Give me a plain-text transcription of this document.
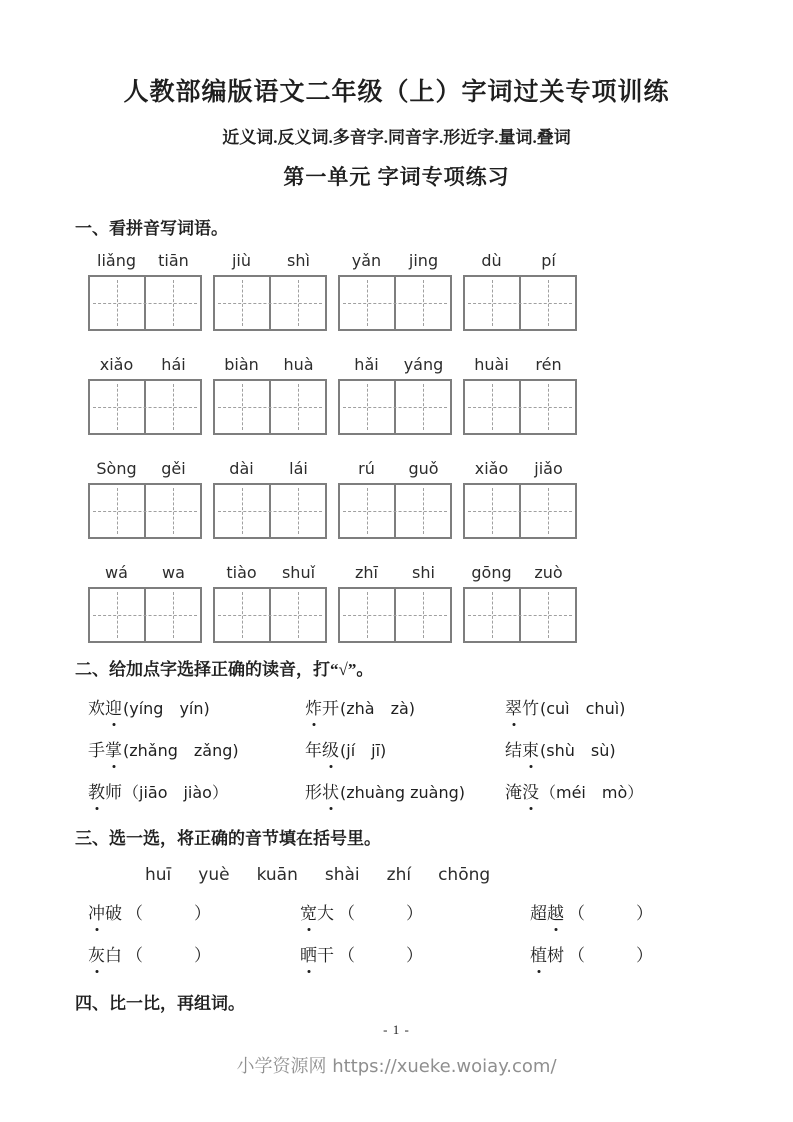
人教部编版语文二年级（上）字词过关专项训练
近义词.反义词.多音字.同音字.形近字.量词.叠词
第一单元 字词专项练习
一、看拼音写词语。
liǎng	tiān	jiù	shì	yǎn	jing	dù	pí
xiǎo	hái	biàn	huà	hǎi	yáng	huài	rén
Sòng	gěi	dài	lái	rú	guǒ	xiǎo	jiǎo
wá	wa	tiào	shuǐ	zhī	shi	gōng	zuò
二、给加点字选择正确的读音，打“√”。
欢迎(yíng　yín)	炸开(zhà　zà)	翠竹(cuì　chuì)
手掌(zhǎng　zǎng)	年级(jí　jī)	结束(shù　sù)
教师（jiāo　jiào）	形状(zhuàng zuàng)	淹没（méi　mò）
三、选一选，将正确的音节填在括号里。
huī yuè kuān shài zhí chōng
冲破 （　　　）	宽大 （　　　）	超越 （　　　）
灰白 （　　　）	晒干 （　　　）	植树 （　　　）
四、比一比，再组词。
- 1 -
小学资源网 https://xueke.woiay.com/
